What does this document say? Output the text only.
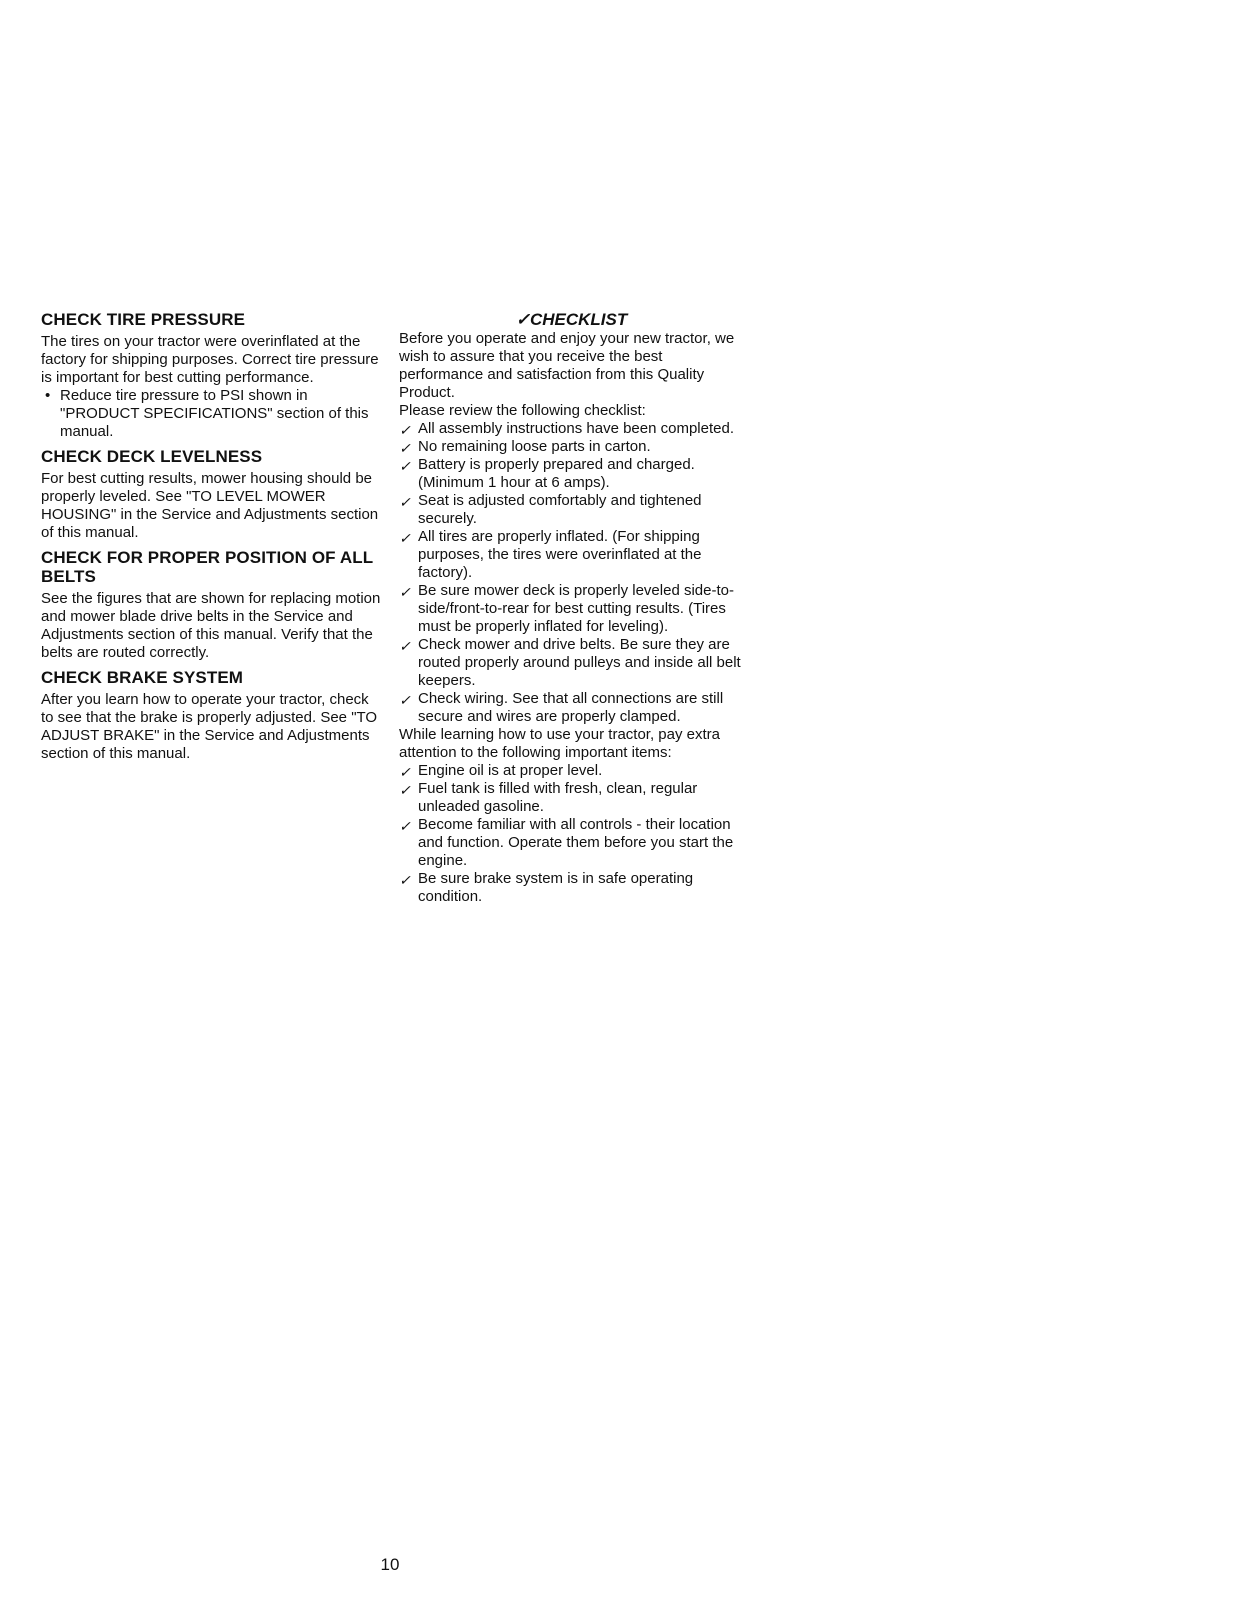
CHECK TIRE PRESSURE

The tires on your tractor were overinflated at the factory for shipping purposes. Correct tire pressure is important for best cutting performance.

• Reduce tire pressure to PSI shown in "PRODUCT SPECIFICATIONS" section of this manual.

CHECK DECK LEVELNESS

For best cutting results, mower housing should be properly leveled. See "TO LEVEL MOWER HOUSING" in the Service and Adjustments section of this manual.

CHECK FOR PROPER POSITION OF ALL BELTS

See the figures that are shown for replacing motion and mower blade drive belts in the Service and Adjustments section of this manual. Verify that the belts are routed correctly.

CHECK BRAKE SYSTEM

After you learn how to operate your tractor, check to see that the brake is properly adjusted. See "TO ADJUST BRAKE" in the Service and Adjustments section of this manual.

✓CHECKLIST

Before you operate and enjoy your new tractor, we wish to assure that you receive the best performance and satisfaction from this Quality Product.

Please review the following checklist:

✓ All assembly instructions have been completed.

✓ No remaining loose parts in carton.

✓ Battery is properly prepared and charged. (Minimum 1 hour at 6 amps).

✓ Seat is adjusted comfortably and tightened securely.

✓ All tires are properly inflated. (For shipping purposes, the tires were overinflated at the factory).

✓ Be sure mower deck is properly leveled side-to-side/front-to-rear for best cutting results. (Tires must be properly inflated for leveling).

✓ Check mower and drive belts. Be sure they are routed properly around pulleys and inside all belt keepers.

✓ Check wiring. See that all connections are still secure and wires are properly clamped.

While learning how to use your tractor, pay extra attention to the following important items:

✓ Engine oil is at proper level.

✓ Fuel tank is filled with fresh, clean, regular unleaded gasoline.

✓ Become familiar with all controls - their location and function. Operate them before you start the engine.

✓ Be sure brake system is in safe operating condition.

10
